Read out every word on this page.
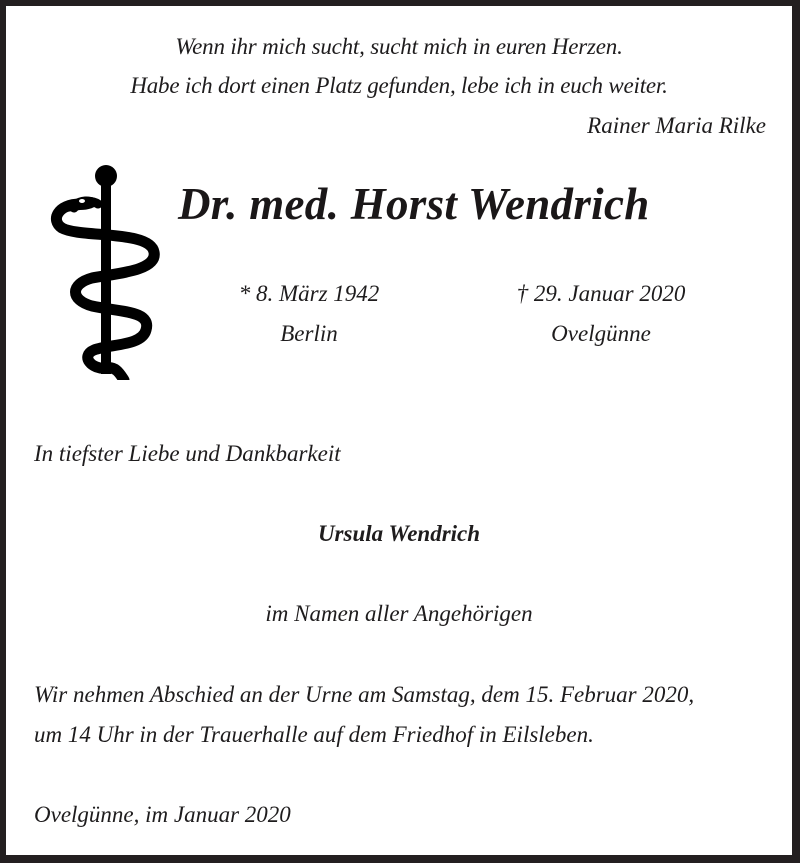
Wenn ihr mich sucht, sucht mich in euren Herzen.
Habe ich dort einen Platz gefunden, lebe ich in euch weiter.
Rainer Maria Rilke
Dr. med. Horst Wendrich
* 8. März 1942
Berlin
† 29. Januar 2020
Ovelgünne
In tiefster Liebe und Dankbarkeit
Ursula Wendrich
im Namen aller Angehörigen
Wir nehmen Abschied an der Urne am Samstag, dem 15. Februar 2020,
um 14 Uhr in der Trauerhalle auf dem Friedhof in Eilsleben.
Ovelgünne, im Januar 2020
